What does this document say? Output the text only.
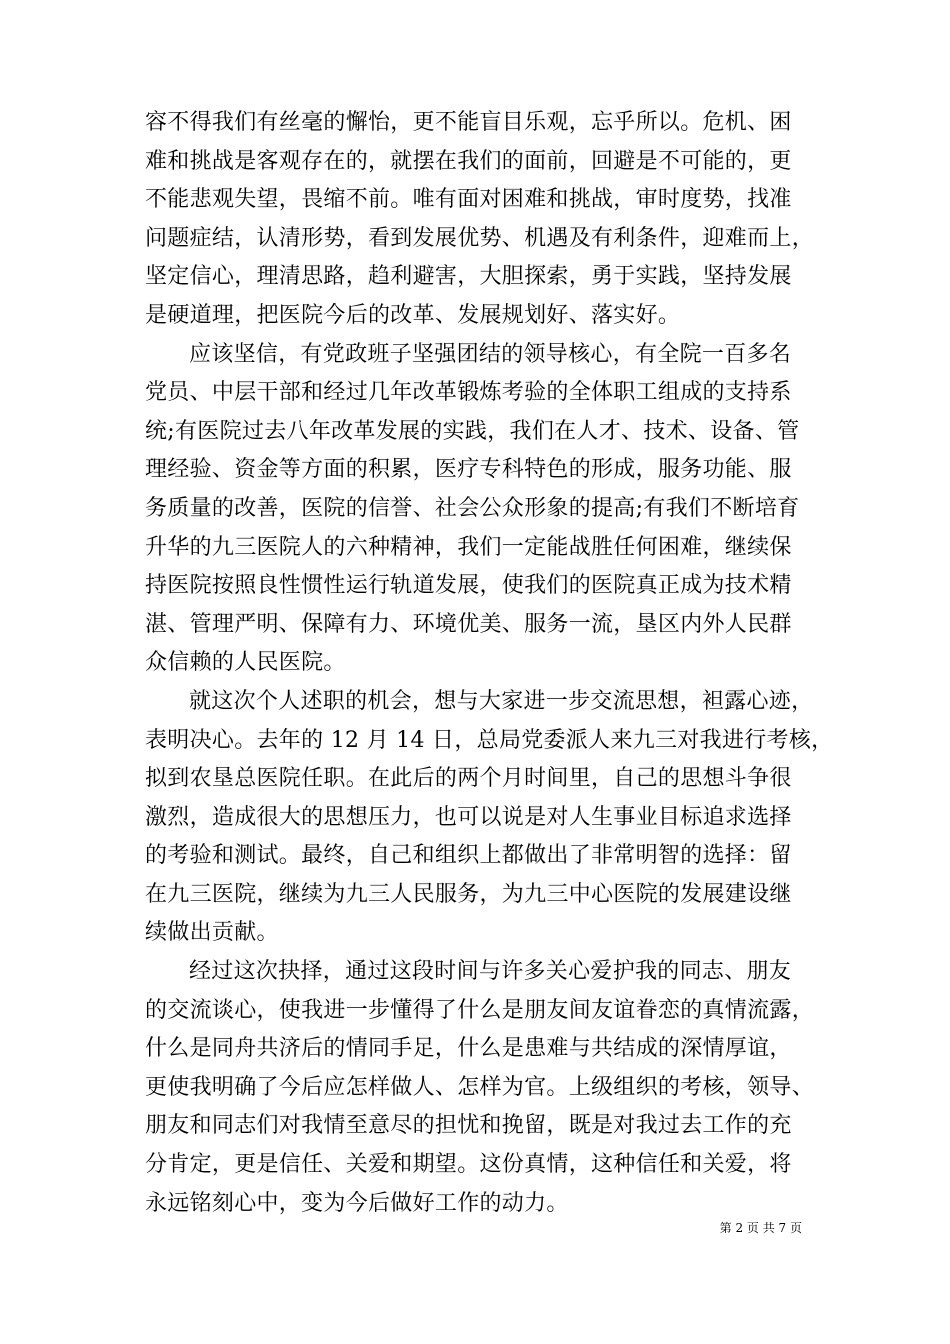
容不得我们有丝毫的懈怡，更不能盲目乐观，忘乎所以。危机、困
难和挑战是客观存在的，就摆在我们的面前，回避是不可能的，更
不能悲观失望，畏缩不前。唯有面对困难和挑战，审时度势，找准
问题症结，认清形势，看到发展优势、机遇及有利条件，迎难而上，
坚定信心，理清思路，趋利避害，大胆探索，勇于实践，坚持发展
是硬道理，把医院今后的改革、发展规划好、落实好。
应该坚信，有党政班子坚强团结的领导核心，有全院一百多名
党员、中层干部和经过几年改革锻炼考验的全体职工组成的支持系
统;有医院过去八年改革发展的实践，我们在人才、技术、设备、管
理经验、资金等方面的积累，医疗专科特色的形成，服务功能、服
务质量的改善，医院的信誉、社会公众形象的提高;有我们不断培育
升华的九三医院人的六种精神，我们一定能战胜任何困难，继续保
持医院按照良性惯性运行轨道发展，使我们的医院真正成为技术精
湛、管理严明、保障有力、环境优美、服务一流，垦区内外人民群
众信赖的人民医院。
就这次个人述职的机会，想与大家进一步交流思想，袒露心迹，
表明决心。去年的 12 月 14 日，总局党委派人来九三对我进行考核，
拟到农垦总医院任职。在此后的两个月时间里，自己的思想斗争很
激烈，造成很大的思想压力，也可以说是对人生事业目标追求选择
的考验和测试。最终，自己和组织上都做出了非常明智的选择：留
在九三医院，继续为九三人民服务，为九三中心医院的发展建设继
续做出贡献。
经过这次抉择，通过这段时间与许多关心爱护我的同志、朋友
的交流谈心，使我进一步懂得了什么是朋友间友谊眷恋的真情流露，
什么是同舟共济后的情同手足，什么是患难与共结成的深情厚谊，
更使我明确了今后应怎样做人、怎样为官。上级组织的考核，领导、
朋友和同志们对我情至意尽的担忧和挽留，既是对我过去工作的充
分肯定，更是信任、关爱和期望。这份真情，这种信任和关爱，将
永远铭刻心中，变为今后做好工作的动力。
第 2 页 共 7 页
